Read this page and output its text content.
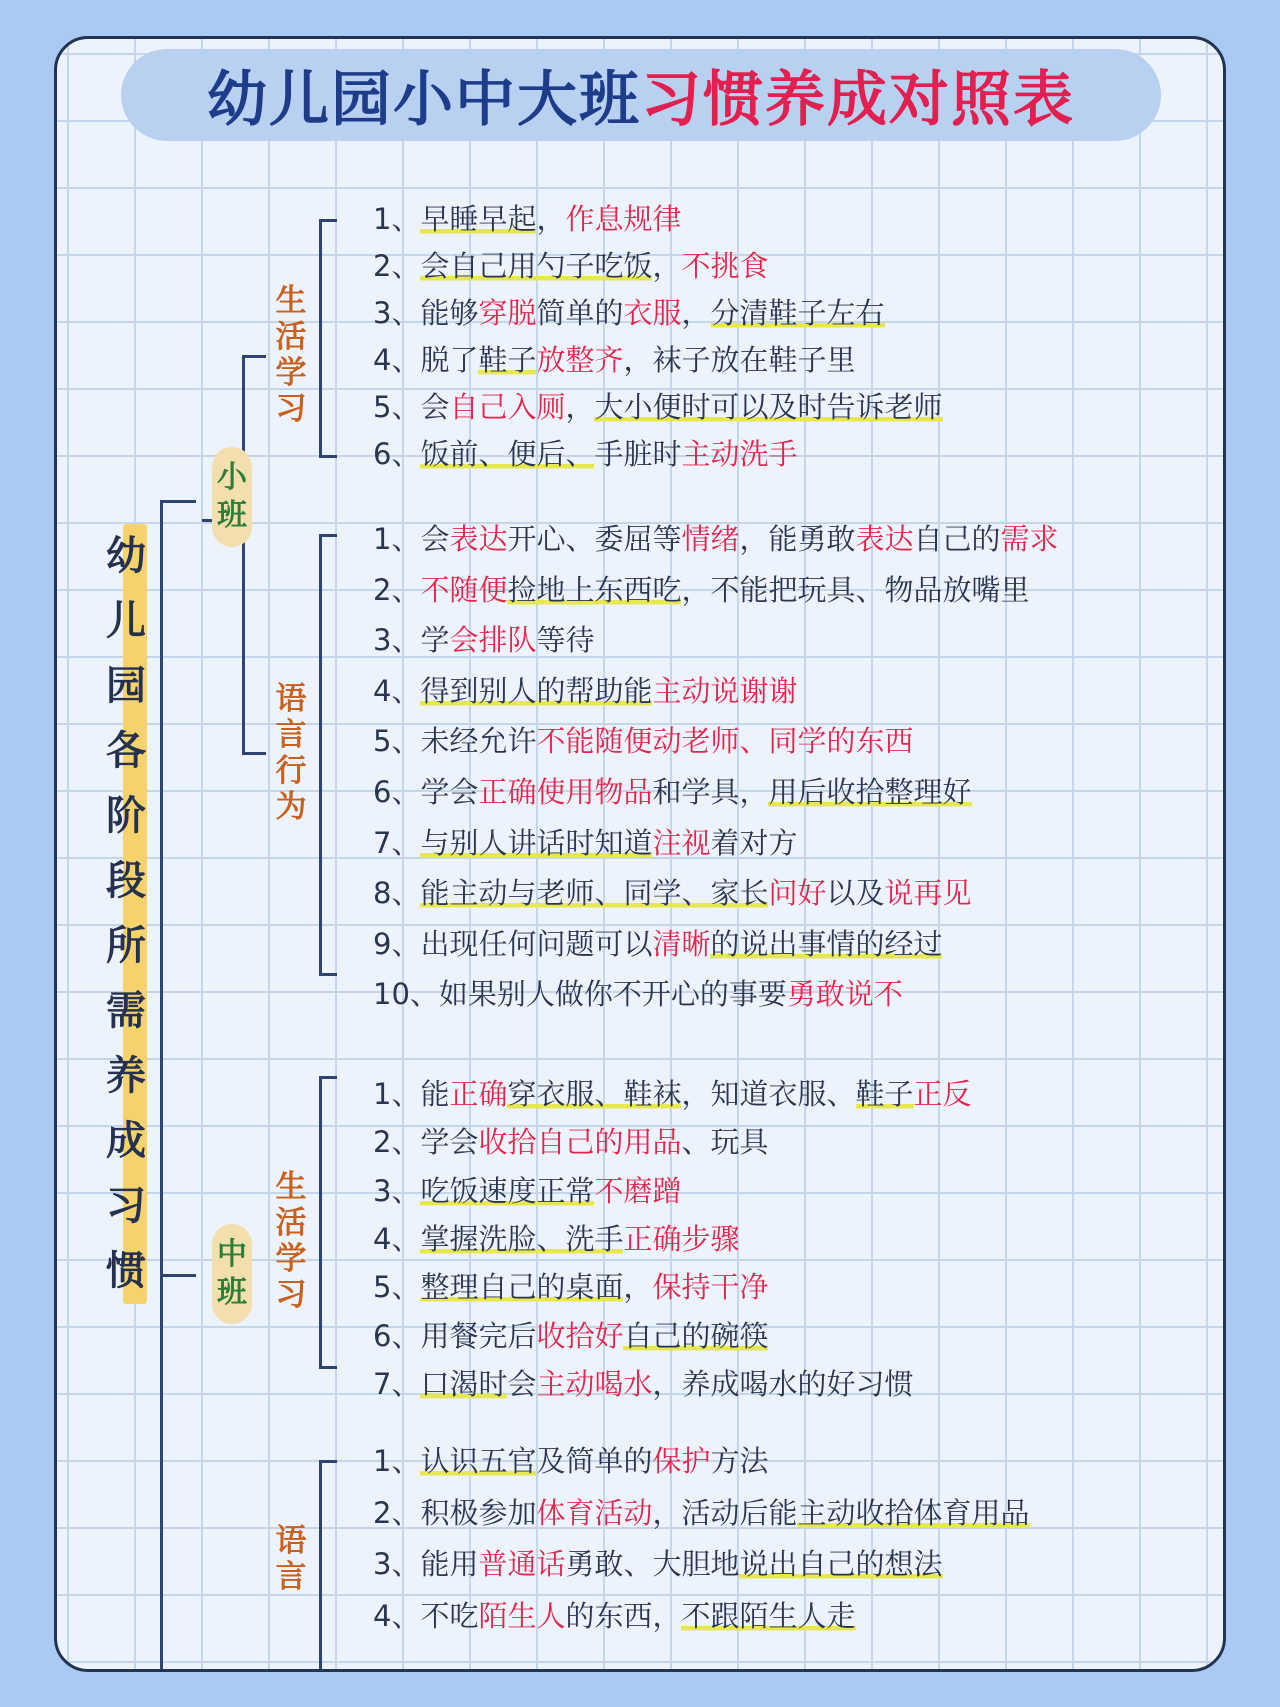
幼儿园小中大班 习惯养成对照表
幼
儿
园
各
阶
段
所
需
养
成
习
惯
小
班
中
班
生
活
学
习
语
言
行
为
生
活
学
习
语
言
1、早睡早起，作息规律
2、会自己用勺子吃饭，不挑食
3、能够穿脱简单的衣服，分清鞋子左右
4、脱了鞋子放整齐，袜子放在鞋子里
5、会自己入厕，大小便时可以及时告诉老师
6、饭前、便后、手脏时主动洗手
1、会表达开心、委屈等情绪，能勇敢表达自己的需求
2、不随便捡地上东西吃，不能把玩具、物品放嘴里
3、学会排队等待
4、得到别人的帮助能主动说谢谢
5、未经允许不能随便动老师、同学的东西
6、学会正确使用物品和学具，用后收拾整理好
7、与别人讲话时知道注视着对方
8、能主动与老师、同学、家长问好以及说再见
9、出现任何问题可以清晰的说出事情的经过
10、如果别人做你不开心的事要勇敢说不
1、能正确穿衣服、鞋袜，知道衣服、鞋子正反
2、学会收拾自己的用品、玩具
3、吃饭速度正常不磨蹭
4、掌握洗脸、洗手正确步骤
5、整理自己的桌面，保持干净
6、用餐完后收拾好自己的碗筷
7、口渴时会主动喝水，养成喝水的好习惯
1、认识五官及简单的保护方法
2、积极参加体育活动，活动后能主动收拾体育用品
3、能用普通话勇敢、大胆地说出自己的想法
4、不吃陌生人的东西，不跟陌生人走
